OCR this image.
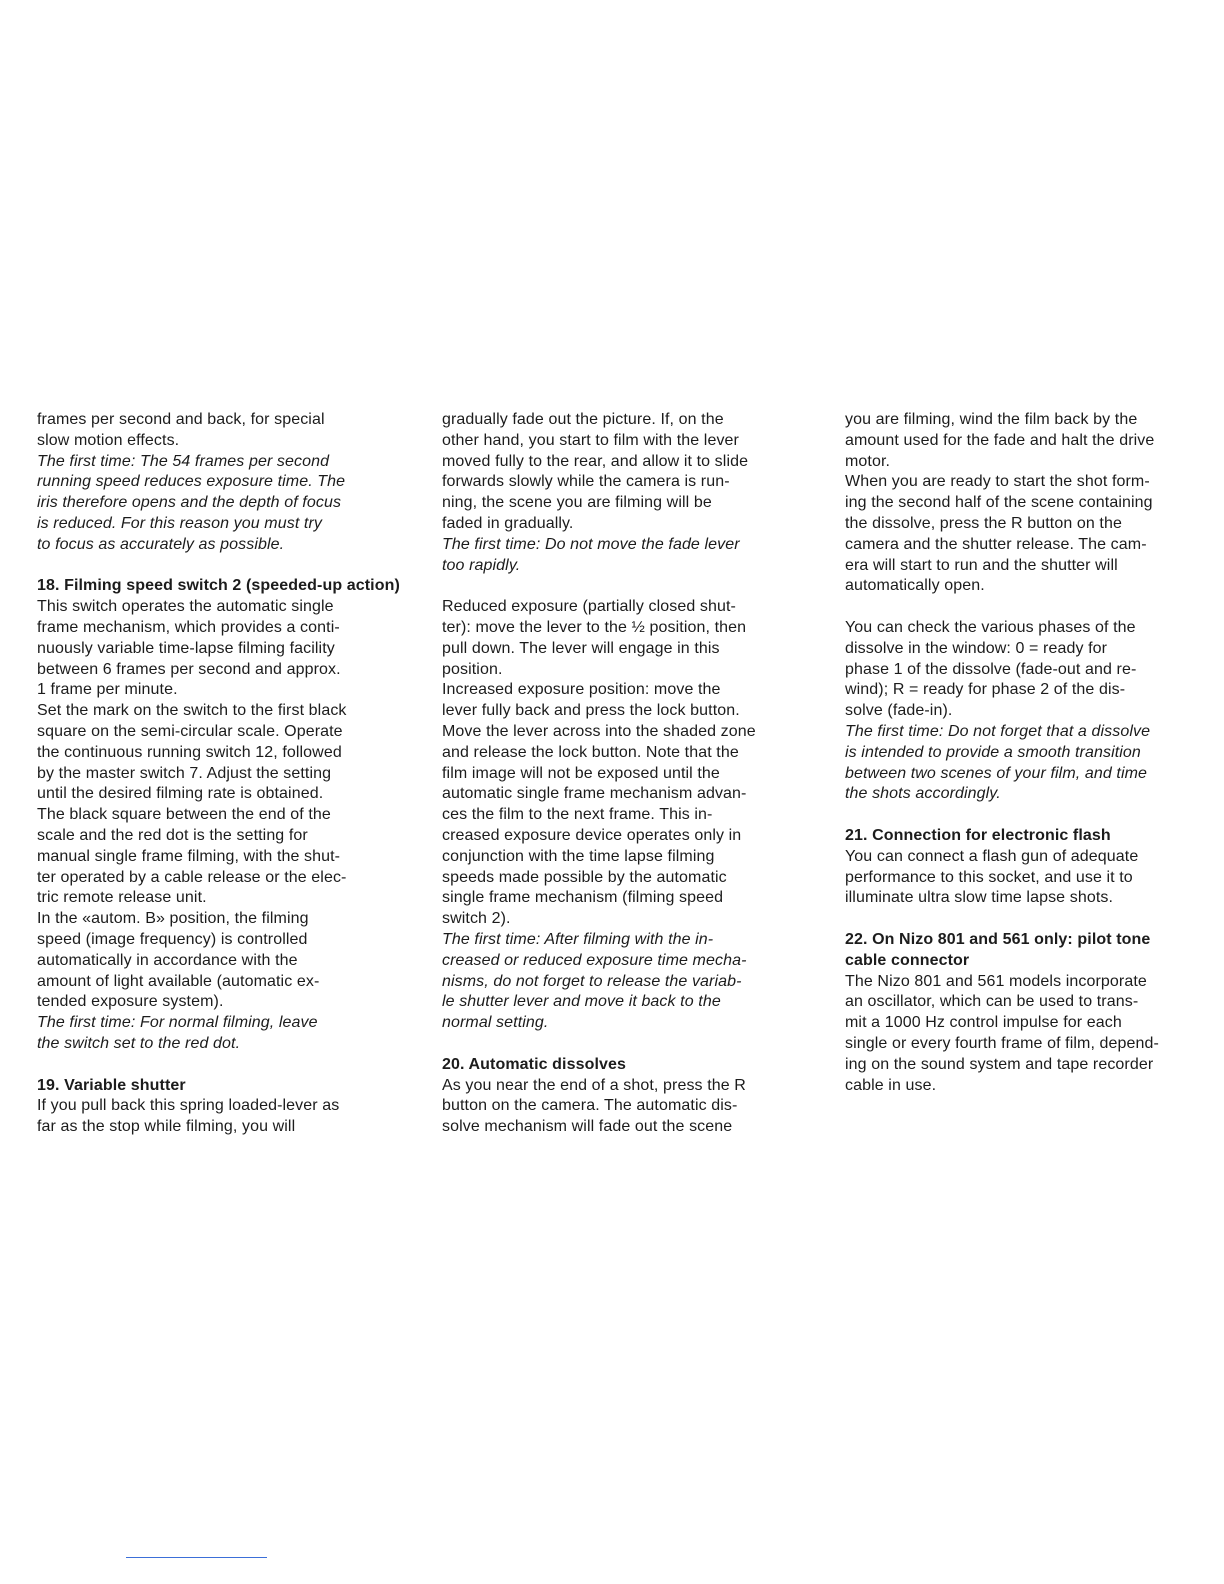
frames per second and back, for special
slow motion effects.
The first time: The 54 frames per second
running speed reduces exposure time. The
iris therefore opens and the depth of focus
is reduced. For this reason you must try
to focus as accurately as possible.
18. Filming speed switch 2 (speeded-up action)
This switch operates the automatic single
frame mechanism, which provides a conti-
nuously variable time-lapse filming facility
between 6 frames per second and approx.
1 frame per minute.
Set the mark on the switch to the first black
square on the semi-circular scale. Operate
the continuous running switch 12, followed
by the master switch 7. Adjust the setting
until the desired filming rate is obtained.
The black square between the end of the
scale and the red dot is the setting for
manual single frame filming, with the shut-
ter operated by a cable release or the elec-
tric remote release unit.
In the «autom. B» position, the filming
speed (image frequency) is controlled
automatically in accordance with the
amount of light available (automatic ex-
tended exposure system).
The first time: For normal filming, leave
the switch set to the red dot.
19. Variable shutter
If you pull back this spring loaded-lever as
far as the stop while filming, you will
gradually fade out the picture. If, on the
other hand, you start to film with the lever
moved fully to the rear, and allow it to slide
forwards slowly while the camera is run-
ning, the scene you are filming will be
faded in gradually.
The first time: Do not move the fade lever
too rapidly.
Reduced exposure (partially closed shut-
ter): move the lever to the ½ position, then
pull down. The lever will engage in this
position.
Increased exposure position: move the
lever fully back and press the lock button.
Move the lever across into the shaded zone
and release the lock button. Note that the
film image will not be exposed until the
automatic single frame mechanism advan-
ces the film to the next frame. This in-
creased exposure device operates only in
conjunction with the time lapse filming
speeds made possible by the automatic
single frame mechanism (filming speed
switch 2).
The first time: After filming with the in-
creased or reduced exposure time mecha-
nisms, do not forget to release the variab-
le shutter lever and move it back to the
normal setting.
20. Automatic dissolves
As you near the end of a shot, press the R
button on the camera. The automatic dis-
solve mechanism will fade out the scene
you are filming, wind the film back by the
amount used for the fade and halt the drive
motor.
When you are ready to start the shot form-
ing the second half of the scene containing
the dissolve, press the R button on the
camera and the shutter release. The cam-
era will start to run and the shutter will
automatically open.
You can check the various phases of the
dissolve in the window: 0 = ready for
phase 1 of the dissolve (fade-out and re-
wind); R = ready for phase 2 of the dis-
solve (fade-in).
The first time: Do not forget that a dissolve
is intended to provide a smooth transition
between two scenes of your film, and time
the shots accordingly.
21. Connection for electronic flash
You can connect a flash gun of adequate
performance to this socket, and use it to
illuminate ultra slow time lapse shots.
22. On Nizo 801 and 561 only: pilot tone
cable connector
The Nizo 801 and 561 models incorporate
an oscillator, which can be used to trans-
mit a 1000 Hz control impulse for each
single or every fourth frame of film, depend-
ing on the sound system and tape recorder
cable in use.
